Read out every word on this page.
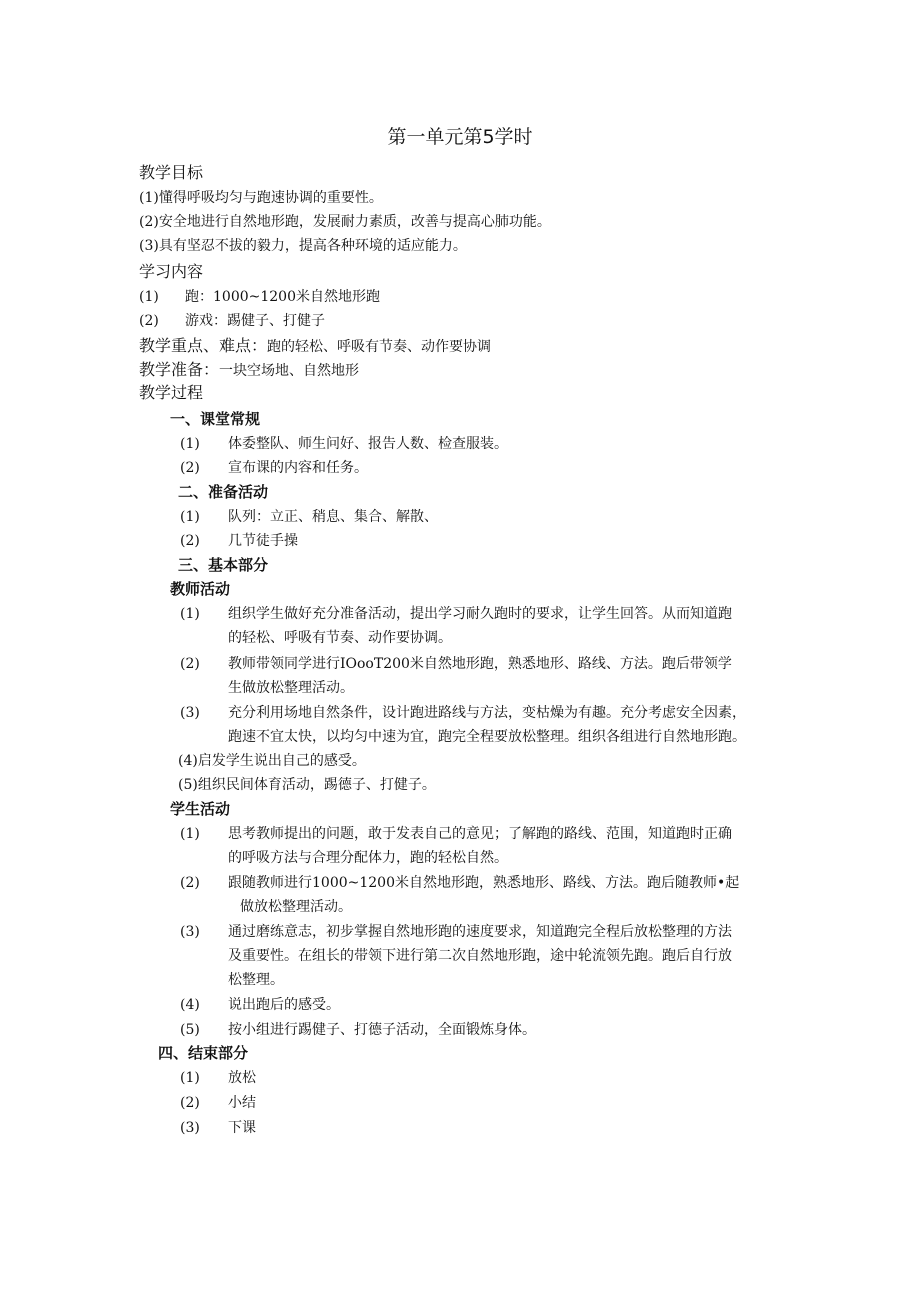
第一单元第5学时
教学目标
(1)懂得呼吸均匀与跑速协调的重要性。
(2)安全地进行自然地形跑，发展耐力素质，改善与提高心肺功能。
(3)具有坚忍不拔的毅力，提高各种环境的适应能力。
学习内容
(1) 跑：1000~1200米自然地形跑
(2) 游戏：踢健子、打健子
教学重点、难点：跑的轻松、呼吸有节奏、动作要协调
教学准备：一块空场地、自然地形
教学过程
一、课堂常规
(1) 体委整队、师生问好、报告人数、检查服装。
(2) 宣布课的内容和任务。
二、准备活动
(1) 队列：立正、稍息、集合、解散、
(2) 几节徒手操
三、基本部分
教师活动
(1) 组织学生做好充分准备活动，提出学习耐久跑时的要求，让学生回答。从而知道跑
的轻松、呼吸有节奏、动作要协调。
(2) 教师带领同学进行IOooT200米自然地形跑，熟悉地形、路线、方法。跑后带领学
生做放松整理活动。
(3) 充分利用场地自然条件，设计跑进路线与方法，变枯燥为有趣。充分考虑安全因素，
跑速不宜太快，以均匀中速为宜，跑完全程要放松整理。组织各组进行自然地形跑。
(4)启发学生说出自己的感受。
(5)组织民间体育活动，踢德子、打健子。
学生活动
(1) 思考教师提出的问题，敢于发表自己的意见；了解跑的路线、范围，知道跑时正确
的呼吸方法与合理分配体力，跑的轻松自然。
(2) 跟随教师进行1000~1200米自然地形跑，熟悉地形、路线、方法。跑后随教师•起
做放松整理活动。
(3) 通过磨练意志，初步掌握自然地形跑的速度要求，知道跑完全程后放松整理的方法
及重要性。在组长的带领下进行第二次自然地形跑，途中轮流领先跑。跑后自行放
松整理。
(4) 说出跑后的感受。
(5) 按小组进行踢健子、打德子活动，全面锻炼身体。
四、结束部分
(1) 放松
(2) 小结
(3) 下课
